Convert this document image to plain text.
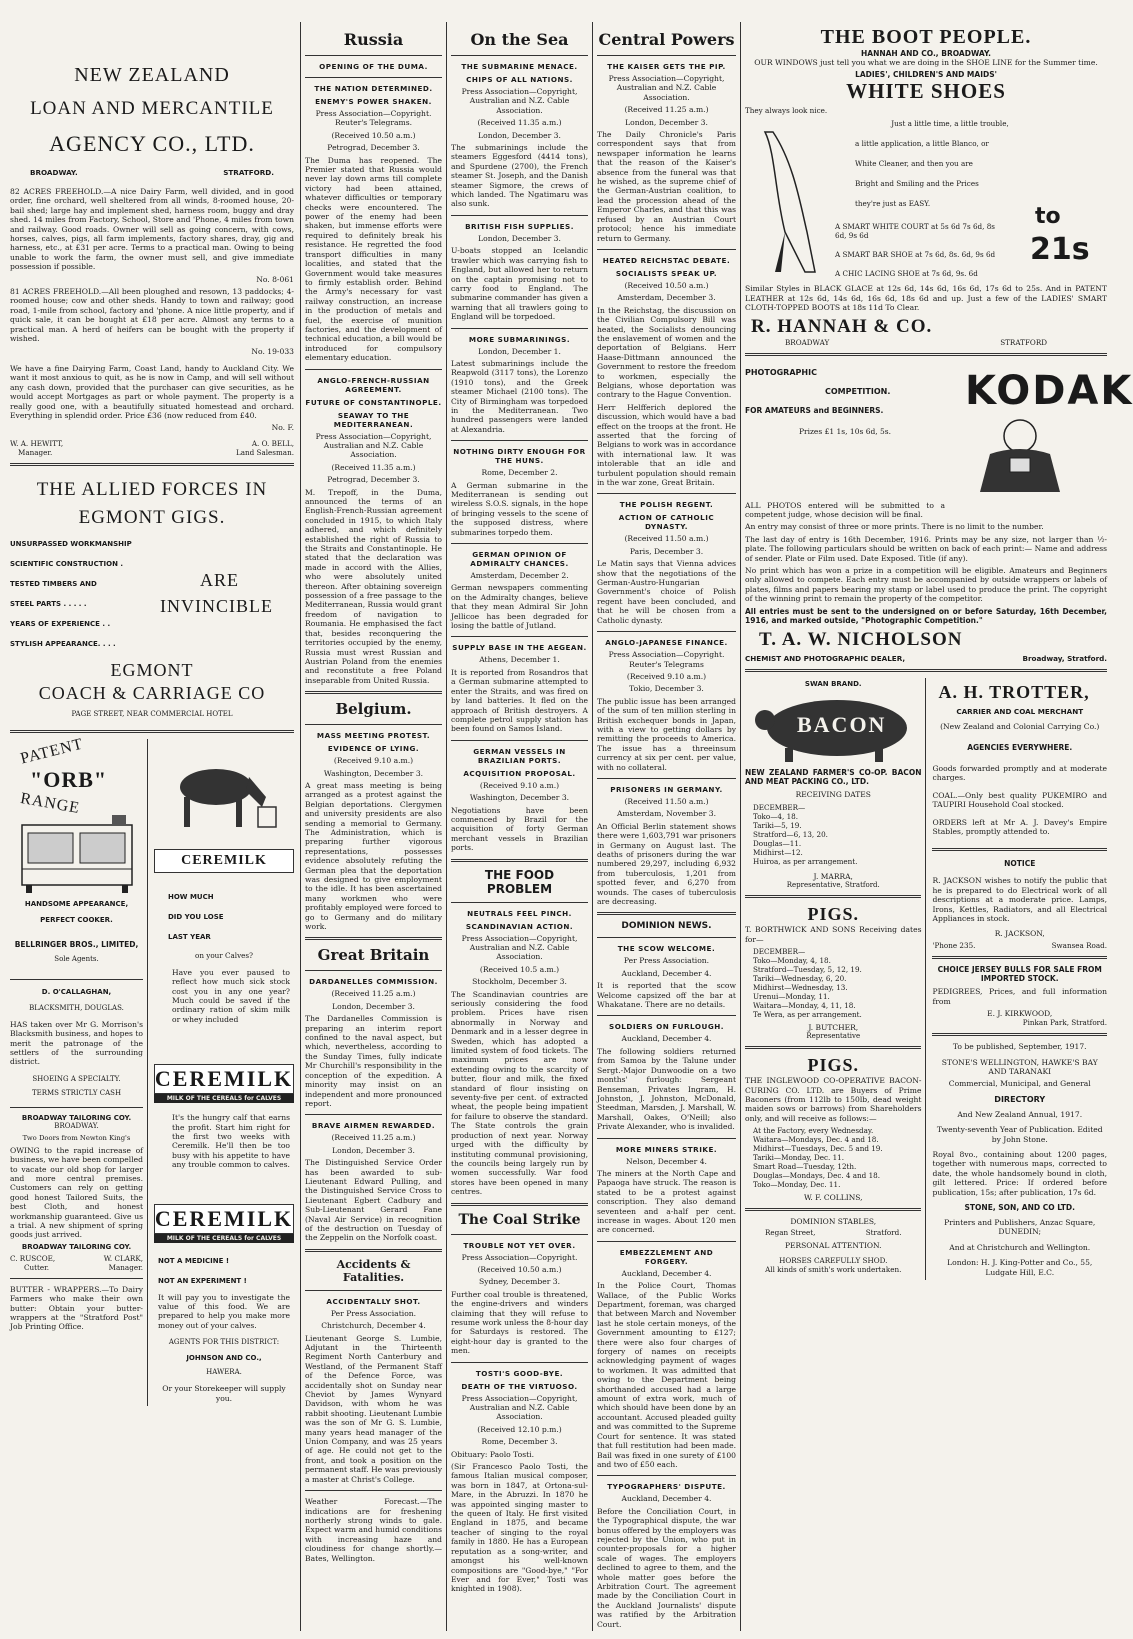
NEW ZEALAND
LOAN AND MERCANTILE
AGENCY CO., LTD.
BROADWAY.	STRATFORD.

82 ACRES FREEHOLD.—A nice Dairy Farm, well divided, and in good order, fine orchard, well sheltered from all winds, 8-roomed house, 20-bail shed; large hay and implement shed, harness room, buggy and dray shed. 14 miles from Factory, School, Store and 'Phone, 4 miles from town and railway. Good roads. Owner will sell as going concern, with cows, horses, calves, pigs, all farm implements, factory shares, dray, gig and harness, etc., at £31 per acre. Terms to a practical man. Owing to being unable to work the farm, the owner must sell, and give immediate possession if possible.

No. 8-061

81 ACRES FREEHOLD.—All been ploughed and resown, 13 paddocks; 4-roomed house; cow and other sheds. Handy to town and railway; good road, 1-mile from school, factory and 'phone. A nice little property, and if quick sale, it can be bought at £18 per acre. Almost any terms to a practical man. A herd of heifers can be bought with the property if wished.

No. 19-033

We have a fine Dairying Farm, Coast Land, handy to Auckland City. We want it most anxious to quit, as he is now in Camp, and will sell without any cash down, provided that the purchaser can give securities, as he would accept Mortgages as part or whole payment. The property is a really good one, with a beautifully situated homestead and orchard. Everything in splendid order. Price £36 (now reduced from £40.

No. F.

W. A. HEWITT,
Manager.
A. O. BELL,
Land Salesman.
THE ALLIED FORCES IN
EGMONT GIGS.
UNSURPASSED WORKMANSHIP
SCIENTIFIC CONSTRUCTION .
TESTED TIMBERS AND	ARE
STEEL PARTS . . . . .	INVINCIBLE
YEARS OF EXPERIENCE . .
STYLISH APPEARANCE. . . .
EGMONT
COACH & CARRIAGE CO
PAGE STREET, NEAR COMMERCIAL HOTEL
PATENT
"ORB"
RANGE
HANDSOME APPEARANCE,
PERFECT COOKER.
BELLRINGER BROS., LIMITED,
Sole Agents.
D. O'CALLAGHAN,
BLACKSMITH, DOUGLAS.

HAS taken over Mr G. Morrison's Blacksmith business, and hopes to merit the patronage of the settlers of the surrounding district.

SHOEING A SPECIALTY.
TERMS STRICTLY CASH
BROADWAY TAILORING COY.
BROADWAY.
Two Doors from Newton King's

OWING to the rapid increase of business, we have been compelled to vacate our old shop for larger and more central premises. Customers can rely on getting good honest Tailored Suits, the best Cloth, and honest workmanship guaranteed. Give us a trial. A new shipment of spring goods just arrived.

BROADWAY TAILORING COY.
C. RUSCOE,
Cutter.
W. CLARK,
Manager.

BUTTER - WRAPPERS.—To Dairy Farmers who make their own butter: Obtain your butter-wrappers at the "Stratford Post" Job Printing Office.

CEREMILK
HOW MUCH
DID YOU LOSE
LAST YEAR
on your Calves?

Have you ever paused to reflect how much sick stock cost you in any one year? Much could be saved if the ordinary ration of skim milk or whey included

CEREMILK
MILK OF THE CEREALS for CALVES

It's the hungry calf that earns the profit. Start him right for the first two weeks with Ceremilk. He'll then be too busy with his appetite to have any trouble common to calves.

CEREMILK
MILK OF THE CEREALS for CALVES
NOT A MEDICINE !
NOT AN EXPERIMENT !

It will pay you to investigate the value of this food. We are prepared to help you make more money out of your calves.

AGENTS FOR THIS DISTRICT:
JOHNSON AND CO.,
HAWERA.

Or your Storekeeper will supply you.

Russia
OPENING OF THE DUMA.
THE NATION DETERMINED.
ENEMY'S POWER SHAKEN.

Press Association—Copyright. Reuter's Telegrams.

(Received 10.50 a.m.)

Petrograd, December 3.

The Duma has reopened. The Premier stated that Russia would never lay down arms till complete victory had been attained, whatever difficulties or temporary checks were encountered. The power of the enemy had been shaken, but immense efforts were required to definitely break his resistance. He regretted the food transport difficulties in many localities, and stated that the Government would take measures to firmly establish order. Behind the Army's necessary for vast railway construction, an increase in the production of metals and fuel, the exercise of munition factories, and the development of technical education, a bill would be introduced for compulsory elementary education.

ANGLO-FRENCH-RUSSIAN AGREEMENT.
FUTURE OF CONSTANTINOPLE.
SEAWAY TO THE MEDITERRANEAN.

Press Association—Copyright, Australian and N.Z. Cable Association.

(Received 11.35 a.m.)

Petrograd, December 3.

M. Trepoff, in the Duma, announced the terms of an English-French-Russian agreement concluded in 1915, to which Italy adhered, and which definitely established the right of Russia to the Straits and Constantinople. He stated that the declaration was made in accord with the Allies, who were absolutely united thereon. After obtaining sovereign possession of a free passage to the Mediterranean, Russia would grant freedom of navigation to Roumania. He emphasised the fact that, besides reconquering the territories occupied by the enemy, Russia must wrest Russian and Austrian Poland from the enemies and reconstitute a free Poland inseparable from United Russia.

Belgium.
MASS MEETING PROTEST.
EVIDENCE OF LYING.

(Received 9.10 a.m.)

Washington, December 3.

A great mass meeting is being arranged as a protest against the Belgian deportations. Clergymen and university presidents are also sending a memorial to Germany. The Administration, which is preparing further vigorous representations, possesses evidence absolutely refuting the German plea that the deportation was designed to give employment to the idle. It has been ascertained many workmen who were profitably employed were forced to go to Germany and do military work.

Great Britain
DARDANELLES COMMISSION.

(Received 11.25 a.m.)

London, December 3.

The Dardanelles Commission is preparing an interim report confined to the naval aspect, but which, nevertheless, according to the Sunday Times, fully indicate Mr Churchill's responsibility in the conception of the expedition. A minority may insist on an independent and more pronounced report.

BRAVE AIRMEN REWARDED.

(Received 11.25 a.m.)

London, December 3.

The Distinguished Service Order has been awarded to sub-Lieutenant Edward Pulling, and the Distinguished Service Cross to Lieutenant Egbert Cadbury and Sub-Lieutenant Gerard Fane (Naval Air Service) in recognition of the destruction on Tuesday of the Zeppelin on the Norfolk coast.

Accidents & Fatalities.
ACCIDENTALLY SHOT.

Per Press Association.

Christchurch, December 4.

Lieutenant George S. Lumbie, Adjutant in the Thirteenth Regiment North Canterbury and Westland, of the Permanent Staff of the Defence Force, was accidentally shot on Sunday near Cheviot by James Wynyard Davidson, with whom he was rabbit shooting. Lieutenant Lumbie was the son of Mr G. S. Lumbie, many years head manager of the Union Company, and was 25 years of age. He could not get to the front, and took a position on the permanent staff. He was previously a master at Christ's College.

Weather Forecast.—The indications are for freshening northerly strong winds to gale. Expect warm and humid conditions with increasing haze and cloudiness for change shortly.—Bates, Wellington.

On the Sea
THE SUBMARINE MENACE.
CHIPS OF ALL NATIONS.

Press Association—Copyright, Australian and N.Z. Cable Association.

(Received 11.35 a.m.)

London, December 3.

The submarinings include the steamers Eggesford (4414 tons), and Spurdene (2700), the French steamer St. Joseph, and the Danish steamer Sigmore, the crews of which landed. The Ngatimaru was also sunk.

BRITISH FISH SUPPLIES.

London, December 3.

U-boats stopped an Icelandic trawler which was carrying fish to England, but allowed her to return on the captain promising not to carry food to England. The submarine commander has given a warning that all trawlers going to England will be torpedoed.

MORE SUBMARININGS.

London, December 1.

Latest submarinings include the Reapwold (3117 tons), the Lorenzo (1910 tons), and the Greek steamer Michael (2100 tons). The City of Birmingham was torpedoed in the Mediterranean. Two hundred passengers were landed at Alexandria.

NOTHING DIRTY ENOUGH FOR THE HUNS.

Rome, December 2.

A German submarine in the Mediterranean is sending out wireless S.O.S. signals, in the hope of bringing vessels to the scene of the supposed distress, where submarines torpedo them.

GERMAN OPINION OF ADMIRALTY CHANCES.

Amsterdam, December 2.

German newspapers commenting on the Admiralty changes, believe that they mean Admiral Sir John Jellicoe has been degraded for losing the battle of Jutland.

SUPPLY BASE IN THE AEGEAN.

Athens, December 1.

It is reported from Rosandros that a German submarine attempted to enter the Straits, and was fired on by land batteries. It fled on the approach of British destroyers. A complete petrol supply station has been found on Samos Island.

GERMAN VESSELS IN BRAZILIAN PORTS.
ACQUISITION PROPOSAL.

(Received 9.10 a.m.)

Washington, December 3.

Negotiations have been commenced by Brazil for the acquisition of forty German merchant vessels in Brazilian ports.

THE FOOD PROBLEM
NEUTRALS FEEL PINCH.
SCANDINAVIAN ACTION.

Press Association—Copyright, Australian and N.Z. Cable Association.

(Received 10.5 a.m.)

Stockholm, December 3.

The Scandinavian countries are seriously considering the food problem. Prices have risen abnormally in Norway and Denmark and in a lesser degree in Sweden, which has adopted a limited system of food tickets. The maximum prices are now extending owing to the scarcity of butter, flour and milk, the fixed standard of flour insisting on seventy-five per cent. of extracted wheat, the people being impatient for failure to observe the standard. The State controls the grain production of next year. Norway urged with the difficulty by instituting communal provisioning, the councils being largely run by women successfully. War food stores have been opened in many centres.

The Coal Strike
TROUBLE NOT YET OVER.

Press Association—Copyright.

(Received 10.50 a.m.)

Sydney, December 3.

Further coal trouble is threatened, the engine-drivers and winders claiming that they will refuse to resume work unless the 8-hour day for Saturdays is restored. The eight-hour day is granted to the men.

TOSTI'S GOOD-BYE.
DEATH OF THE VIRTUOSO.

Press Association—Copyright, Australian and N.Z. Cable Association.

(Received 12.10 p.m.)

Rome, December 3.

Obituary: Paolo Tosti.

(Sir Francesco Paolo Tosti, the famous Italian musical composer, was born in 1847, at Ortona-sul-Mare, in the Abruzzi. In 1870 he was appointed singing master to the queen of Italy. He first visited England in 1875, and became teacher of singing to the royal family in 1880. He has a European reputation as a song-writer, and amongst his well-known compositions are "Good-bye," "For Ever and for Ever," Tosti was knighted in 1908).

Central Powers
THE KAISER GETS THE PIP.

Press Association—Copyright, Australian and N.Z. Cable Association.

(Received 11.25 a.m.)

London, December 3.

The Daily Chronicle's Paris correspondent says that from newspaper information he learns that the reason of the Kaiser's absence from the funeral was that he wished, as the supreme chief of the German-Austrian coalition, to lead the procession ahead of the Emperor Charles, and that this was refused by an Austrian Court protocol; hence his immediate return to Germany.

HEATED REICHSTAC DEBATE.
SOCIALISTS SPEAK UP.

(Received 10.50 a.m.)

Amsterdam, December 3.

In the Reichstag, the discussion on the Civilian Compulsory Bill was heated, the Socialists denouncing the enslavement of women and the deportation of Belgians. Herr Haase-Dittmann announced the Government to restore the freedom to workmen, especially the Belgians, whose deportation was contrary to the Hague Convention.

Herr Helfferich deplored the discussion, which would have a bad effect on the troops at the front. He asserted that the forcing of Belgians to work was in accordance with international law. It was intolerable that an idle and turbulent population should remain in the war zone, Great Britain.

THE POLISH REGENT.
ACTION OF CATHOLIC DYNASTY.

(Received 11.50 a.m.)

Paris, December 3.

Le Matin says that Vienna advices show that the negotiations of the German-Austro-Hungarian Government's choice of Polish regent have been concluded, and that he will be chosen from a Catholic dynasty.

ANGLO-JAPANESE FINANCE.

Press Association—Copyright. Reuter's Telegrams

(Received 9.10 a.m.)

Tokio, December 3.

The public issue has been arranged of the sum of ten million sterling in British exchequer bonds in Japan, with a view to getting dollars by remitting the proceeds to America. The issue has a threeinsum currency at six per cent. per value, with no collateral.

PRISONERS IN GERMANY.

(Received 11.50 a.m.)

Amsterdam, November 3.

An Official Berlin statement shows there were 1,603,791 war prisoners in Germany on August last. The deaths of prisoners during the war numbered 29,297, including 6,932 from tuberculosis, 1,201 from spotted fever, and 6,270 from wounds. The cases of tuberculosis are decreasing.

DOMINION NEWS.
THE SCOW WELCOME.

Per Press Association.

Auckland, December 4.

It is reported that the scow Welcome capsized off the bar at Whakatane. There are no details.

SOLDIERS ON FURLOUGH.

Auckland, December 4.

The following soldiers returned from Samoa by the Talune under Sergt.-Major Dunwoodie on a two months' furlough: Sergeant Benseman, Privates Ingram, H. Johnston, J. Johnston, McDonald, Steedman, Marsden, J. Marshall, W. Marshall, Oakes, O'Neill; also Private Alexander, who is invalided.

MORE MINERS STRIKE.

Nelson, December 4.

The miners at the North Cape and Papaoga have struck. The reason is stated to be a protest against conscription. They also demand seventeen and a-half per cent. increase in wages. About 120 men are concerned.

EMBEZZLEMENT AND FORGERY.

Auckland, December 4.

In the Police Court, Thomas Wallace, of the Public Works Department, foreman, was charged that between March and November last he stole certain moneys, of the Government amounting to £127; there were also four charges of forgery of names on receipts acknowledging payment of wages to workmen. It was admitted that owing to the Department being shorthanded accused had a large amount of extra work, much of which should have been done by an accountant. Accused pleaded guilty and was committed to the Supreme Court for sentence. It was stated that full restitution had been made. Bail was fixed in one surety of £100 and two of £50 each.

TYPOGRAPHERS' DISPUTE.

Auckland, December 4.

Before the Conciliation Court, in the Typographical dispute, the war bonus offered by the employers was rejected by the Union, who put in counter-proposals for a higher scale of wages. The employers declined to agree to them, and the whole matter goes before the Arbitration Court. The agreement made by the Conciliation Court in the Auckland Journalists' dispute was ratified by the Arbitration Court.

THE BOOT PEOPLE.
HANNAH AND CO., BROADWAY.

OUR WINDOWS just tell you what we are doing in the SHOE LINE for the Summer time.

LADIES', CHILDREN'S AND MAIDS'
WHITE SHOES
They always look nice.
Just a little time, a little trouble,
a little application, a little Blanco, or
White Cleaner, and then you are
Bright and Smiling and the Prices
they're just as EASY.
A SMART WHITE COURT at 5s 6d 7s 6d, 8s 6d, 9s 6d
A SMART BAR SHOE at 7s 6d, 8s. 6d, 9s 6d
A CHIC LACING SHOE at 7s 6d, 9s. 6d
to
21s

Similar Styles in BLACK GLACE at 12s 6d, 14s 6d, 16s 6d, 17s 6d to 25s. And in PATENT LEATHER at 12s 6d, 14s 6d, 16s 6d, 18s 6d and up. Just a few of the LADIES' SMART CLOTH-TOPPED BOOTS at 18s 11d To Clear.

R. HANNAH & CO.
BROADWAY	STRATFORD
PHOTOGRAPHIC
COMPETITION.
FOR AMATEURS and BEGINNERS.
Prizes £1 1s, 10s 6d, 5s.
KODAK

ALL PHOTOS entered will be submitted to a competent judge, whose decision will be final.

An entry may consist of three or more prints. There is no limit to the number.

The last day of entry is 16th December, 1916. Prints may be any size, not larger than ½-plate. The following particulars should be written on back of each print:— Name and address of sender. Plate or Film used. Date Exposed. Title (if any).

No print which has won a prize in a competition will be eligible. Amateurs and Beginners only allowed to compete. Each entry must be accompanied by outside wrappers or labels of plates, films and papers bearing my stamp or label used to produce the print. The copyright of the winning print to remain the property of the competitor.

All entries must be sent to the undersigned on or before Saturday, 16th December, 1916, and marked outside, "Photographic Competition."

T. A. W. NICHOLSON
CHEMIST AND PHOTOGRAPHIC DEALER,	Broadway, Stratford.
SWAN BRAND.
BACON

NEW ZEALAND FARMER'S CO-OP. BACON AND MEAT PACKING CO., LTD.

RECEIVING DATES
DECEMBER—
Toko—4, 18.
Tariki—5, 19.
Stratford—6, 13, 20.
Douglas—11.
Midhirst—12.
Huiroa, as per arrangement.
J. MARRA,
Representative, Stratford.
PIGS.

T. BORTHWICK AND SONS Receiving dates for—

DECEMBER—
Toko—Monday, 4, 18.
Stratford—Tuesday, 5, 12, 19.
Tariki—Wednesday, 6, 20.
Midhirst—Wednesday, 13.
Urenui—Monday, 11.
Waitara—Monday, 4, 11, 18.
Te Wera, as per arrangement.
J. BUTCHER,
Representative
PIGS.

THE INGLEWOOD CO-OPERATIVE BACON-CURING CO. LTD. are Buyers of Prime Baconers (from 112lb to 150lb, dead weight maiden sows or barrows) from Shareholders only, and will receive as follows:—

At the Factory, every Wednesday.
Waitara—Mondays, Dec. 4 and 18.
Midhirst—Tuesdays, Dec. 5 and 19.
Tariki—Monday, Dec. 11.
Smart Road—Tuesday, 12th.
Douglas—Mondays, Dec. 4 and 18.
Toko—Monday, Dec. 11.
W. F. COLLINS,
DOMINION STABLES,
Regan Street,	Stratford.
PERSONAL ATTENTION.
HORSES CAREFULLY SHOD.
All kinds of smith's work undertaken.
A. H. TROTTER,
CARRIER AND COAL MERCHANT

(New Zealand and Colonial Carrying Co.)

AGENCIES EVERYWHERE.

Goods forwarded promptly and at moderate charges.

COAL.—Only best quality PUKEMIRO and TAUPIRI Household Coal stocked.

ORDERS left at Mr A. J. Davey's Empire Stables, promptly attended to.

NOTICE

R. JACKSON wishes to notify the public that he is prepared to do Electrical work of all descriptions at a moderate price. Lamps, Irons, Kettles, Radiators, and all Electrical Appliances in stock.

R. JACKSON,
'Phone 235.	Swansea Road.
CHOICE JERSEY BULLS FOR SALE FROM IMPORTED STOCK.

PEDIGREES, Prices, and full information from

E. J. KIRKWOOD,
Pinkan Park, Stratford.

To be published, September, 1917.

STONE'S WELLINGTON, HAWKE'S BAY AND TARANAKI

Commercial, Municipal, and General

DIRECTORY

And New Zealand Annual, 1917.

Twenty-seventh Year of Publication. Edited by John Stone.

Royal 8vo., containing about 1200 pages, together with numerous maps, corrected to date, the whole handsomely bound in cloth, gilt lettered. Price: If ordered before publication, 15s; after publication, 17s 6d.

STONE, SON, AND CO LTD.

Printers and Publishers, Anzac Square, DUNEDIN;

And at Christchurch and Wellington.

London: H. J. King-Potter and Co., 55, Ludgate Hill, E.C.
